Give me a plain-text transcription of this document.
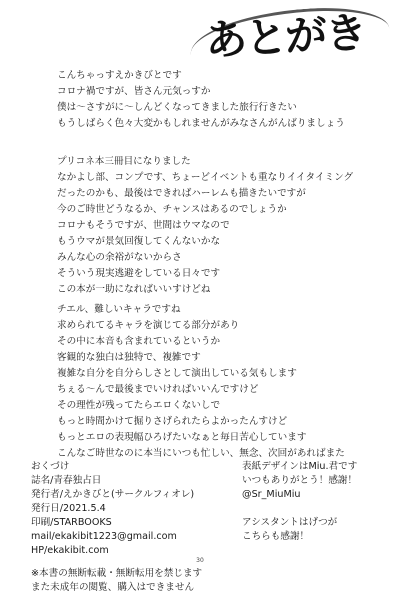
あとがき
こんちゃっすえかきびとです
コロナ禍ですが、皆さん元気っすか
僕は～さすがに～しんどくなってきました旅行行きたい
もうしばらく色々大変かもしれませんがみなさんがんばりましょう
プリコネ本三冊目になりました
なかよし部、コンプです、ちょーどイベントも重なりイイタイミング
だったのかも、最後はできればハーレムも描きたいですが
今のご時世どうなるか、チャンスはあるのでしょうか
コロナもそうですが、世間はウマなので
もうウマが景気回復してくんないかな
みんな心の余裕がないからさ
そういう現実逃避をしている日々です
この本が一助になればいいすけどね
チエル、難しいキャラですね
求められてるキャラを演じてる部分があり
その中に本音も含まれているというか
客観的な独白は独特で、複雑です
複雑な自分を自分らしさとして演出している気もします
ちぇる～んで最後までいければいいんですけど
その理性が残ってたらエロくないしで
もっと時間かけて掘りさげられたらよかったんすけど
もっとエロの表現幅ひろげたいなぁと毎日苦心しています
こんなご時世なのに本当にいつも忙しい、無念、次回があればまた
おくづけ
誌名/青春独占日
発行者/えかきびと(サークルフィオレ)
発行日/2021.5.4
印刷/STARBOOKS
mail/ekakibit1223@gmail.com
HP/ekakibit.com
※本書の無断転載・無断転用を禁じます
また未成年の閲覧、購入はできません
表紙デザインはMiu.君です
いつもありがとう！感謝！
@Sr_MiuMiu
アシスタントはげつが
こちらも感謝！
30
